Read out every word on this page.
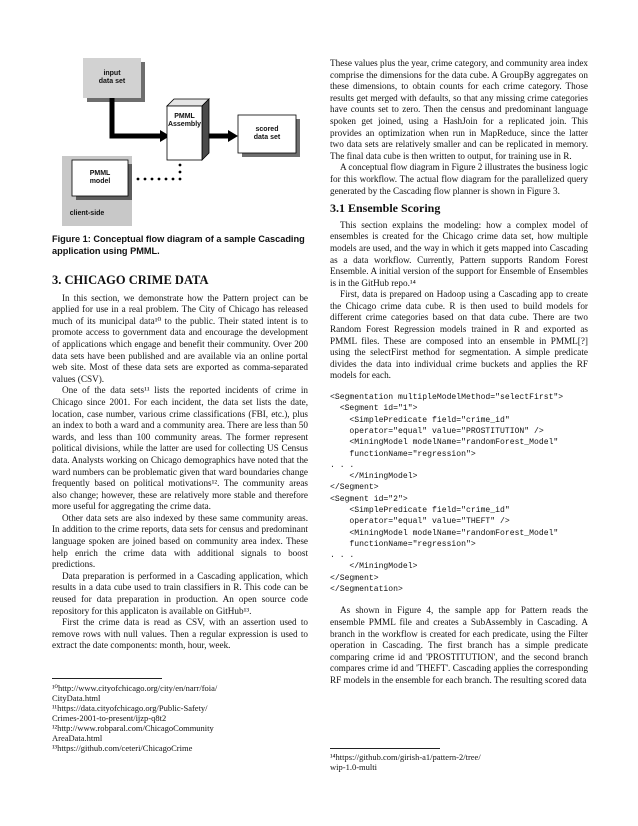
input
data set
PMML
Assembly
scored
data set
PMML
model
client-side
Figure 1: Conceptual flow diagram of a sample Cascading application using PMML.
3. CHICAGO CRIME DATA

In this section, we demonstrate how the Pattern project can be applied for use in a real problem. The City of Chicago has released much of its municipal data¹⁰ to the public. Their stated intent is to promote access to government data and encourage the development of applications which engage and benefit their community. Over 200 data sets have been published and are available via an online portal web site. Most of these data sets are exported as comma-separated values (CSV).

One of the data sets¹¹ lists the reported incidents of crime in Chicago since 2001. For each incident, the data set lists the date, location, case number, various crime classifications (FBI, etc.), plus an index to both a ward and a community area. There are less than 50 wards, and less than 100 community areas. The former represent political divisions, while the latter are used for collecting US Census data. Analysts working on Chicago demographics have noted that the ward numbers can be problematic given that ward boundaries change frequently based on political motivations¹². The community areas also change; however, these are relatively more stable and therefore more useful for aggregating the crime data.

Other data sets are also indexed by these same community areas. In addition to the crime reports, data sets for census and predominant language spoken are joined based on community area index. These help enrich the crime data with additional signals to boost predictions.

Data preparation is performed in a Cascading application, which results in a data cube used to train classifiers in R. This code can be reused for data preparation in production. An open source code repository for this applicaton is available on GitHub¹³.

First the crime data is read as CSV, with an assertion used to remove rows with null values. Then a regular expression is used to extract the date components: month, hour, week.

¹⁰http://www.cityofchicago.org/city/en/narr/foia/
CityData.html
¹¹https://data.cityofchicago.org/Public-Safety/
Crimes-2001-to-present/ijzp-q8t2
¹²http://www.robparal.com/ChicagoCommunity
AreaData.html
¹³https://github.com/ceteri/ChicagoCrime

These values plus the year, crime category, and community area index comprise the dimensions for the data cube. A GroupBy aggregates on these dimensions, to obtain counts for each crime category. Those results get merged with defaults, so that any missing crime categories have counts set to zero. Then the census and predominant language spoken get joined, using a HashJoin for a replicated join. This provides an optimization when run in MapReduce, since the latter two data sets are relatively smaller and can be replicated in memory. The final data cube is then written to output, for training use in R.

A conceptual flow diagram in Figure 2 illustrates the business logic for this workflow. The actual flow diagram for the parallelized query generated by the Cascading flow planner is shown in Figure 3.

3.1 Ensemble Scoring

This section explains the modeling: how a complex model of ensembles is created for the Chicago crime data set, how multiple models are used, and the way in which it gets mapped into Cascading as a data workflow. Currently, Pattern supports Random Forest Ensemble. A initial version of the support for Ensemble of Ensembles is in the GitHub repo.¹⁴

First, data is prepared on Hadoop using a Cascading app to create the Chicago crime data cube. R is then used to build models for different crime categories based on that data cube. There are two Random Forest Regression models trained in R and exported as PMML files. These are composed into an ensemble in PMML[?] using the selectFirst method for segmentation. A simple predicate divides the data into individual crime buckets and applies the RF models for each.

<Segmentation multipleModelMethod="selectFirst">
<Segment id="1">
<SimplePredicate field="crime_id"
operator="equal" value="PROSTITUTION" />
<MiningModel modelName="randomForest_Model"
functionName="regression">
. . .
</MiningModel>
</Segment>
<Segment id="2">
<SimplePredicate field="crime_id"
operator="equal" value="THEFT" />
<MiningModel modelName="randomForest_Model"
functionName="regression">
. . .
</MiningModel>
</Segment>
</Segmentation>

As shown in Figure 4, the sample app for Pattern reads the ensemble PMML file and creates a SubAssembly in Cascading. A branch in the workflow is created for each predicate, using the Filter operation in Cascading. The first branch has a simple predicate comparing crime id and 'PROSTITUTION', and the second branch compares crime id and 'THEFT'. Cascading applies the corresponding RF models in the ensemble for each branch. The resulting scored data

¹⁴https://github.com/girish-a1/pattern-2/tree/
wip-1.0-multi
